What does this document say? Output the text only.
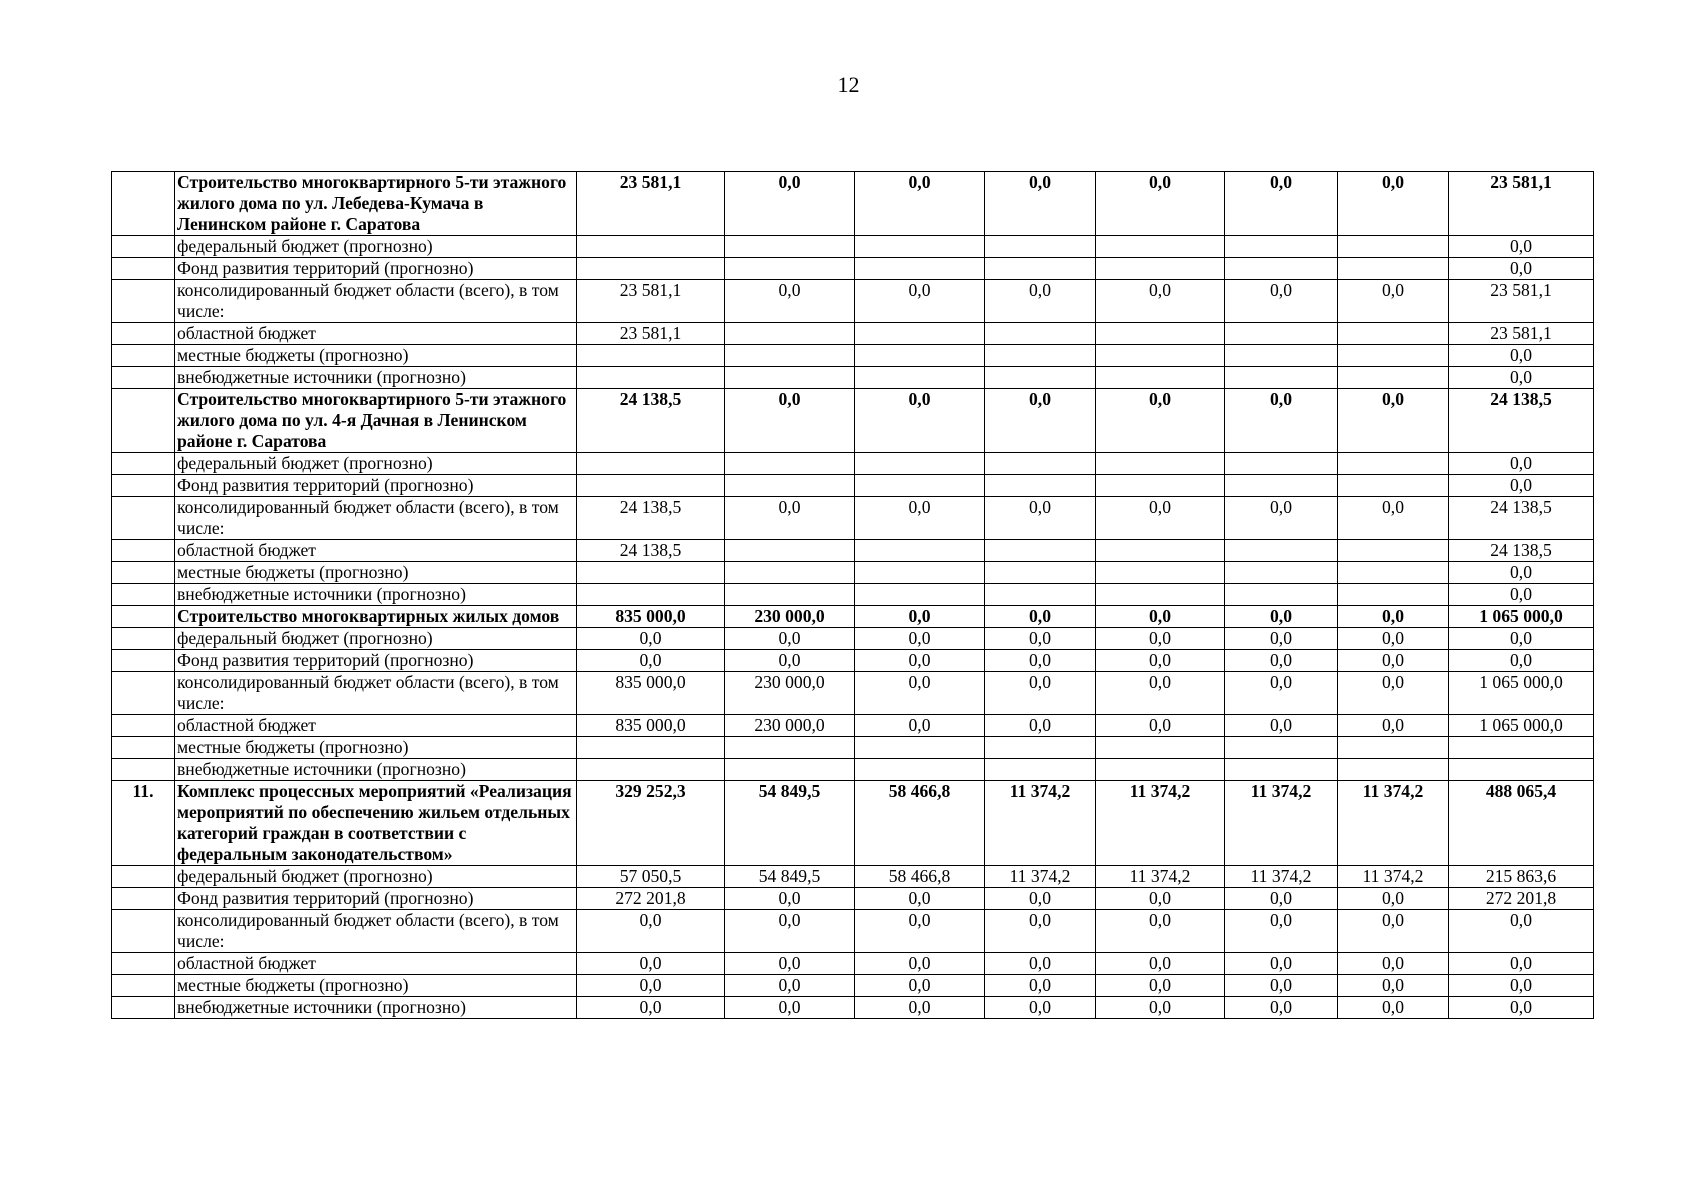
12
	Строительство многоквартирного 5-ти этажного жилого дома по ул. Лебедева-Кумача в Ленинском районе г. Саратова	23 581,1	0,0	0,0	0,0	0,0	0,0	0,0	23 581,1
	федеральный бюджет (прогнозно)								0,0
	Фонд развития территорий (прогнозно)								0,0
	консолидированный бюджет области (всего), в том числе:	23 581,1	0,0	0,0	0,0	0,0	0,0	0,0	23 581,1
	областной бюджет	23 581,1							23 581,1
	местные бюджеты (прогнозно)								0,0
	внебюджетные источники (прогнозно)								0,0
	Строительство многоквартирного 5-ти этажного жилого дома по ул. 4-я Дачная в Ленинском районе г. Саратова	24 138,5	0,0	0,0	0,0	0,0	0,0	0,0	24 138,5
	федеральный бюджет (прогнозно)								0,0
	Фонд развития территорий (прогнозно)								0,0
	консолидированный бюджет области (всего), в том числе:	24 138,5	0,0	0,0	0,0	0,0	0,0	0,0	24 138,5
	областной бюджет	24 138,5							24 138,5
	местные бюджеты (прогнозно)								0,0
	внебюджетные источники (прогнозно)								0,0
	Строительство многоквартирных жилых домов	835 000,0	230 000,0	0,0	0,0	0,0	0,0	0,0	1 065 000,0
	федеральный бюджет (прогнозно)	0,0	0,0	0,0	0,0	0,0	0,0	0,0	0,0
	Фонд развития территорий (прогнозно)	0,0	0,0	0,0	0,0	0,0	0,0	0,0	0,0
	консолидированный бюджет области (всего), в том числе:	835 000,0	230 000,0	0,0	0,0	0,0	0,0	0,0	1 065 000,0
	областной бюджет	835 000,0	230 000,0	0,0	0,0	0,0	0,0	0,0	1 065 000,0
	местные бюджеты (прогнозно)								
	внебюджетные источники (прогнозно)								
11.	Комплекс процессных мероприятий «Реализация мероприятий по обеспечению жильем отдельных категорий граждан в соответствии с федеральным законодательством»	329 252,3	54 849,5	58 466,8	11 374,2	11 374,2	11 374,2	11 374,2	488 065,4
	федеральный бюджет (прогнозно)	57 050,5	54 849,5	58 466,8	11 374,2	11 374,2	11 374,2	11 374,2	215 863,6
	Фонд развития территорий (прогнозно)	272 201,8	0,0	0,0	0,0	0,0	0,0	0,0	272 201,8
	консолидированный бюджет области (всего), в том числе:	0,0	0,0	0,0	0,0	0,0	0,0	0,0	0,0
	областной бюджет	0,0	0,0	0,0	0,0	0,0	0,0	0,0	0,0
	местные бюджеты (прогнозно)	0,0	0,0	0,0	0,0	0,0	0,0	0,0	0,0
	внебюджетные источники (прогнозно)	0,0	0,0	0,0	0,0	0,0	0,0	0,0	0,0
